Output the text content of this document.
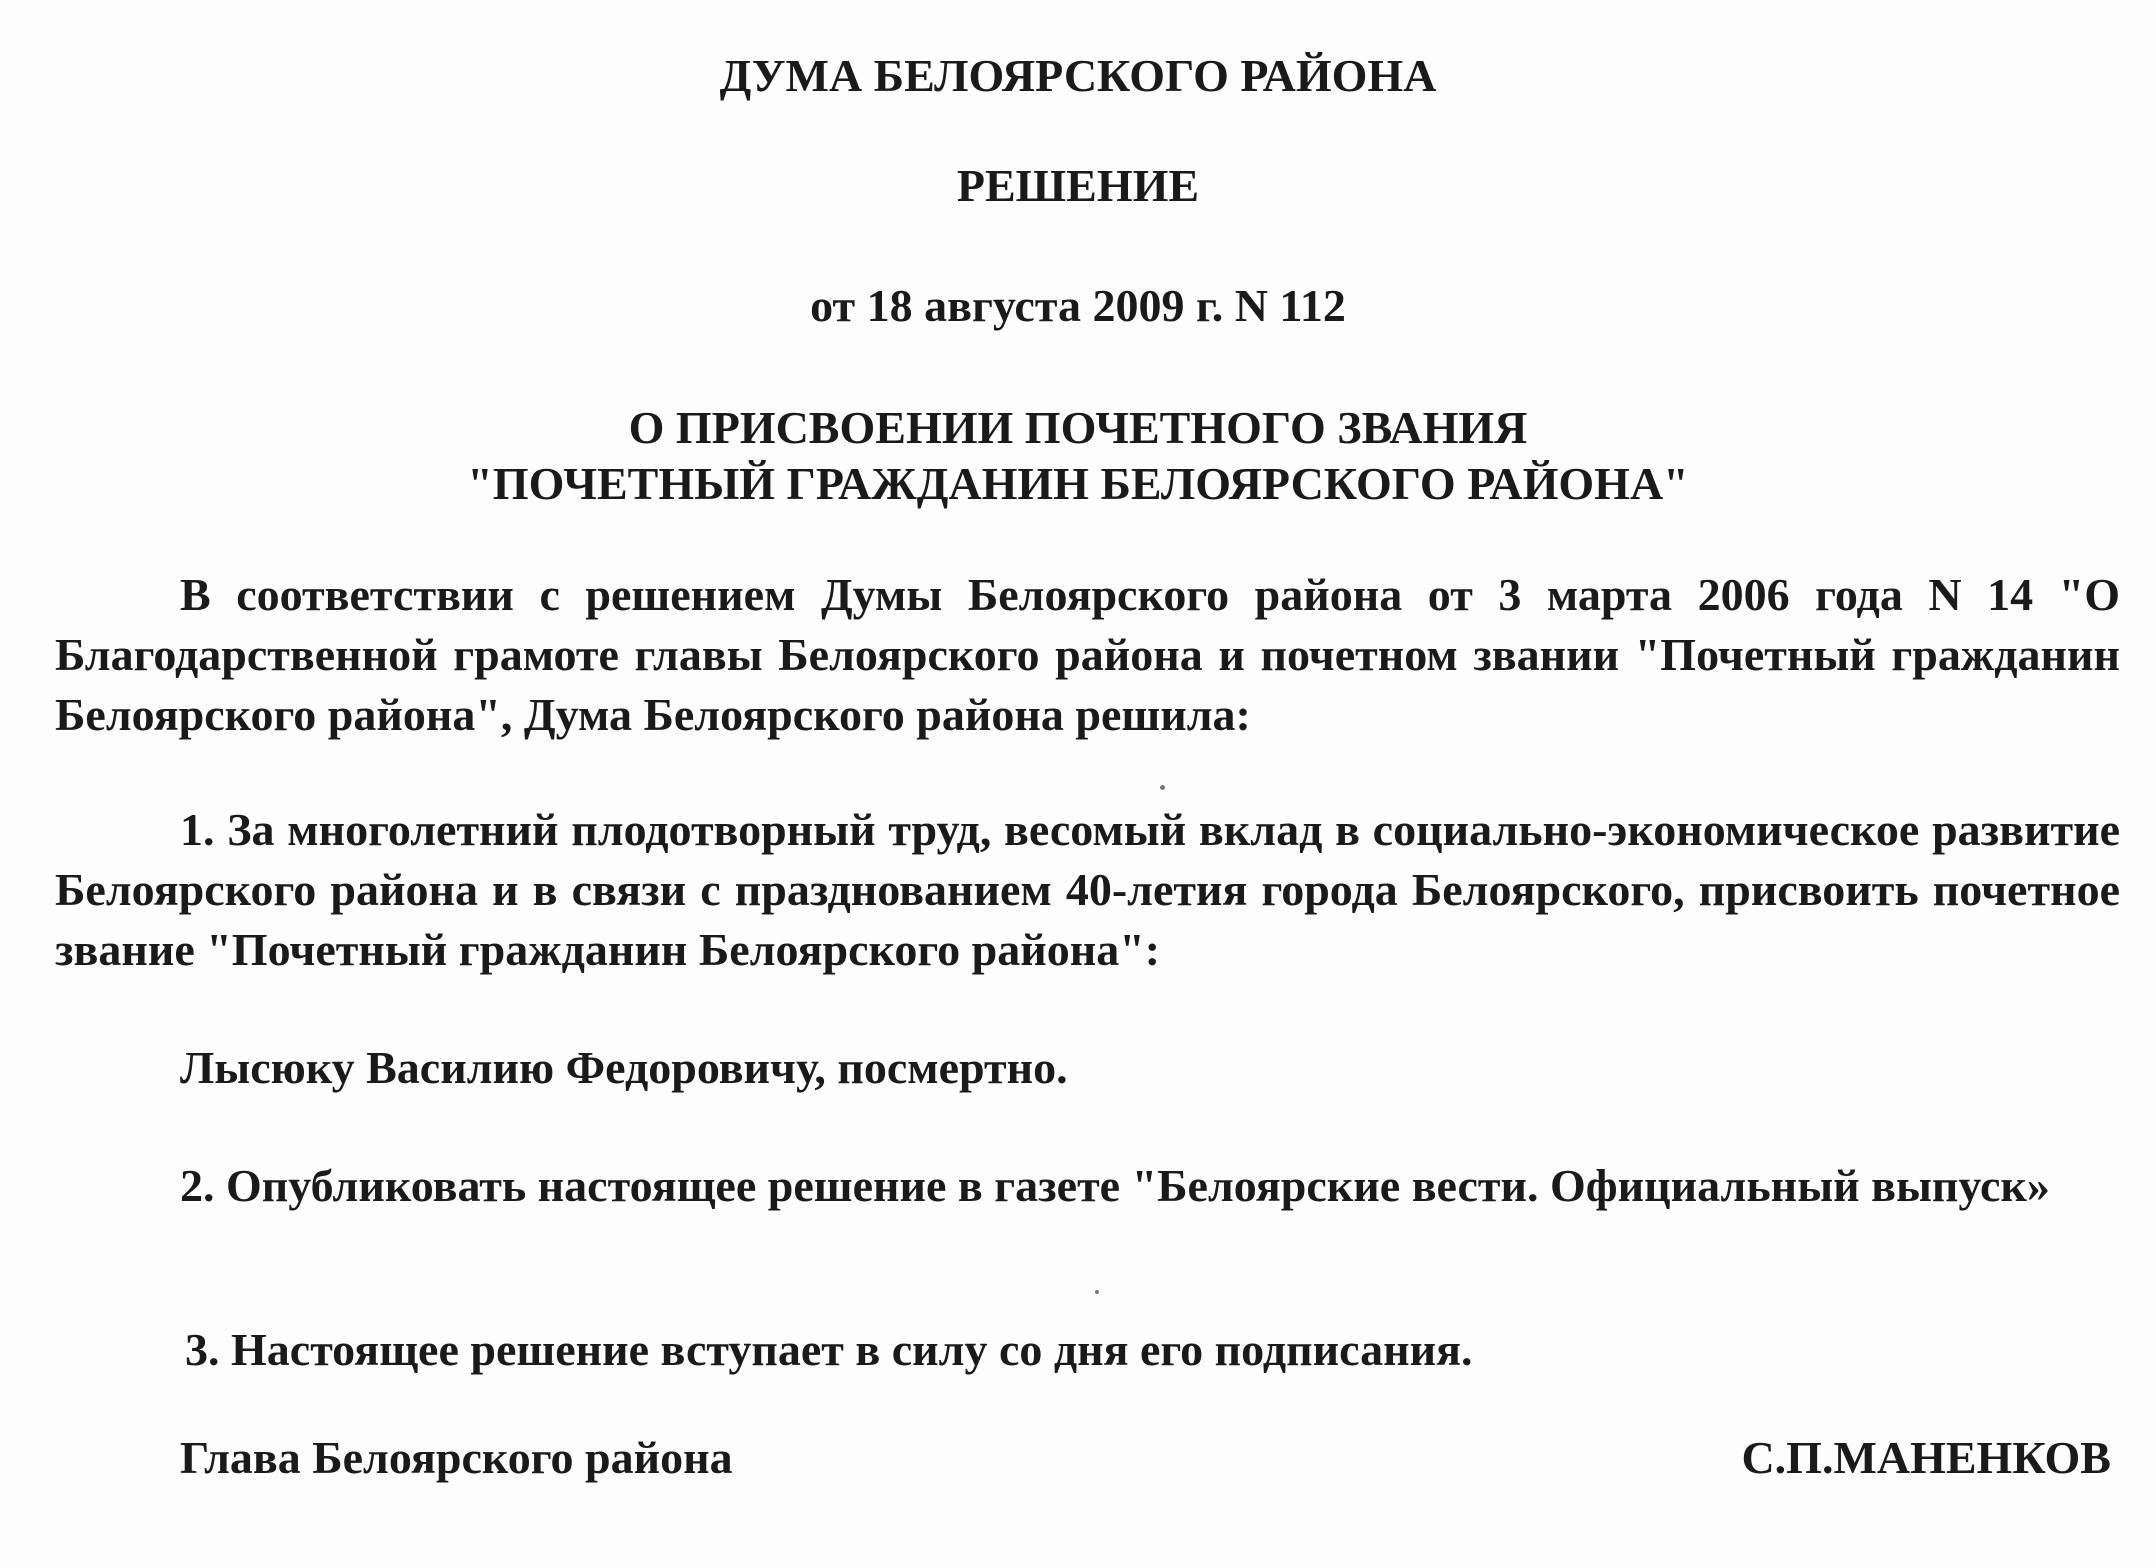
ДУМА БЕЛОЯРСКОГО РАЙОНА
РЕШЕНИЕ
от 18 августа 2009 г. N 112
О ПРИСВОЕНИИ ПОЧЕТНОГО ЗВАНИЯ
"ПОЧЕТНЫЙ ГРАЖДАНИН БЕЛОЯРСКОГО РАЙОНА"
В соответствии с решением Думы Белоярского района от 3 марта 2006 года N 14 "О Благодарственной грамоте главы Белоярского района и почетном звании "Почетный гражданин Белоярского района", Дума Белоярского района решила:
1. За многолетний плодотворный труд, весомый вклад в социально-экономическое развитие Белоярского района и в связи с празднованием 40-летия города Белоярского, присвоить почетное звание "Почетный гражданин Белоярского района":
Лысюку Василию Федоровичу, посмертно.
2. Опубликовать настоящее решение в газете "Белоярские вести. Официальный выпуск»
3. Настоящее решение вступает в силу со дня его подписания.
Глава Белоярского района	С.П.МАНЕНКОВ
